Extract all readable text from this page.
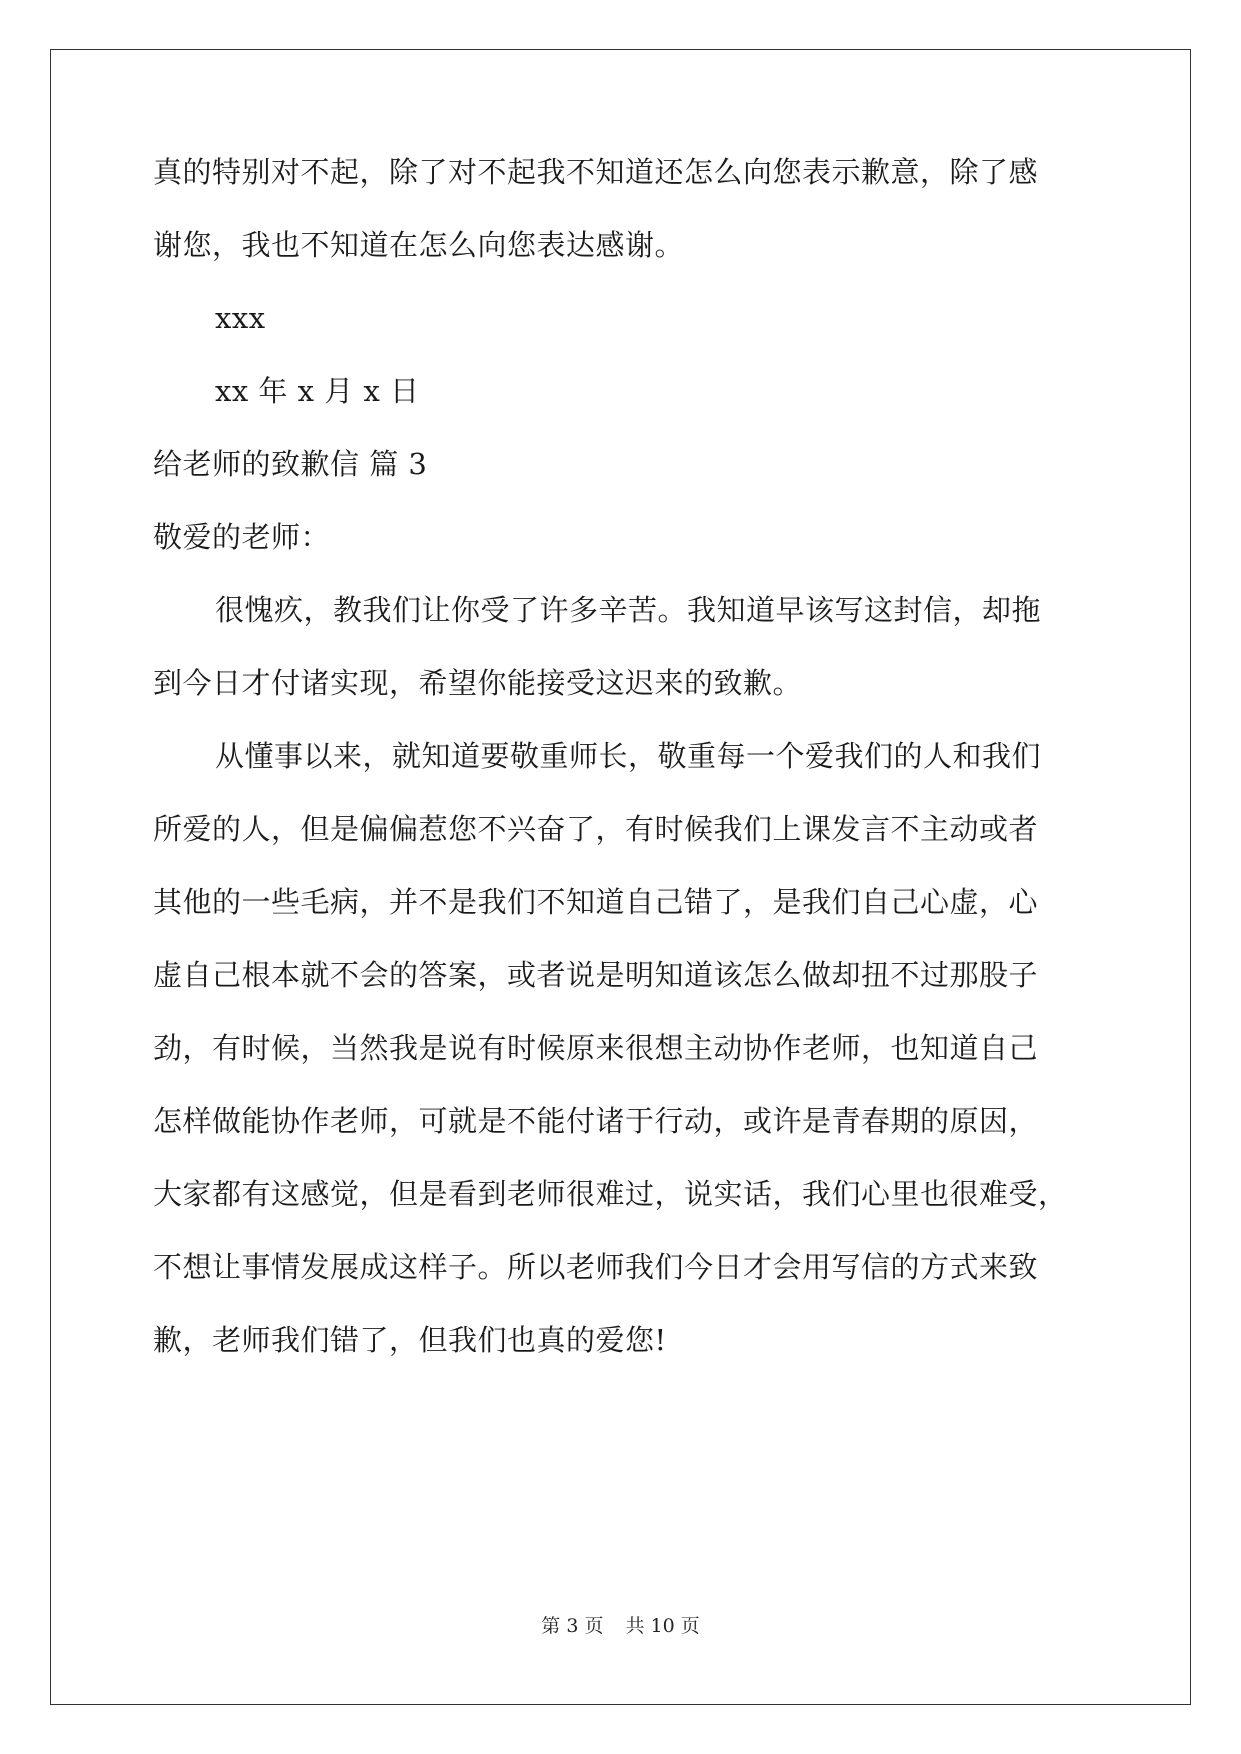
真的特别对不起，除了对不起我不知道还怎么向您表示歉意，除了感
谢您，我也不知道在怎么向您表达感谢。
xxx
xx 年 x 月 x 日
给老师的致歉信 篇 3
敬爱的老师：
很愧疚，教我们让你受了许多辛苦。我知道早该写这封信，却拖
到今日才付诸实现，希望你能接受这迟来的致歉。
从懂事以来，就知道要敬重师长，敬重每一个爱我们的人和我们
所爱的人，但是偏偏惹您不兴奋了，有时候我们上课发言不主动或者
其他的一些毛病，并不是我们不知道自己错了，是我们自己心虚，心
虚自己根本就不会的答案，或者说是明知道该怎么做却扭不过那股子
劲，有时候，当然我是说有时候原来很想主动协作老师，也知道自己
怎样做能协作老师，可就是不能付诸于行动，或许是青春期的原因，
大家都有这感觉，但是看到老师很难过，说实话，我们心里也很难受，
不想让事情发展成这样子。所以老师我们今日才会用写信的方式来致
歉，老师我们错了，但我们也真的爱您!
第 3 页 共 10 页
